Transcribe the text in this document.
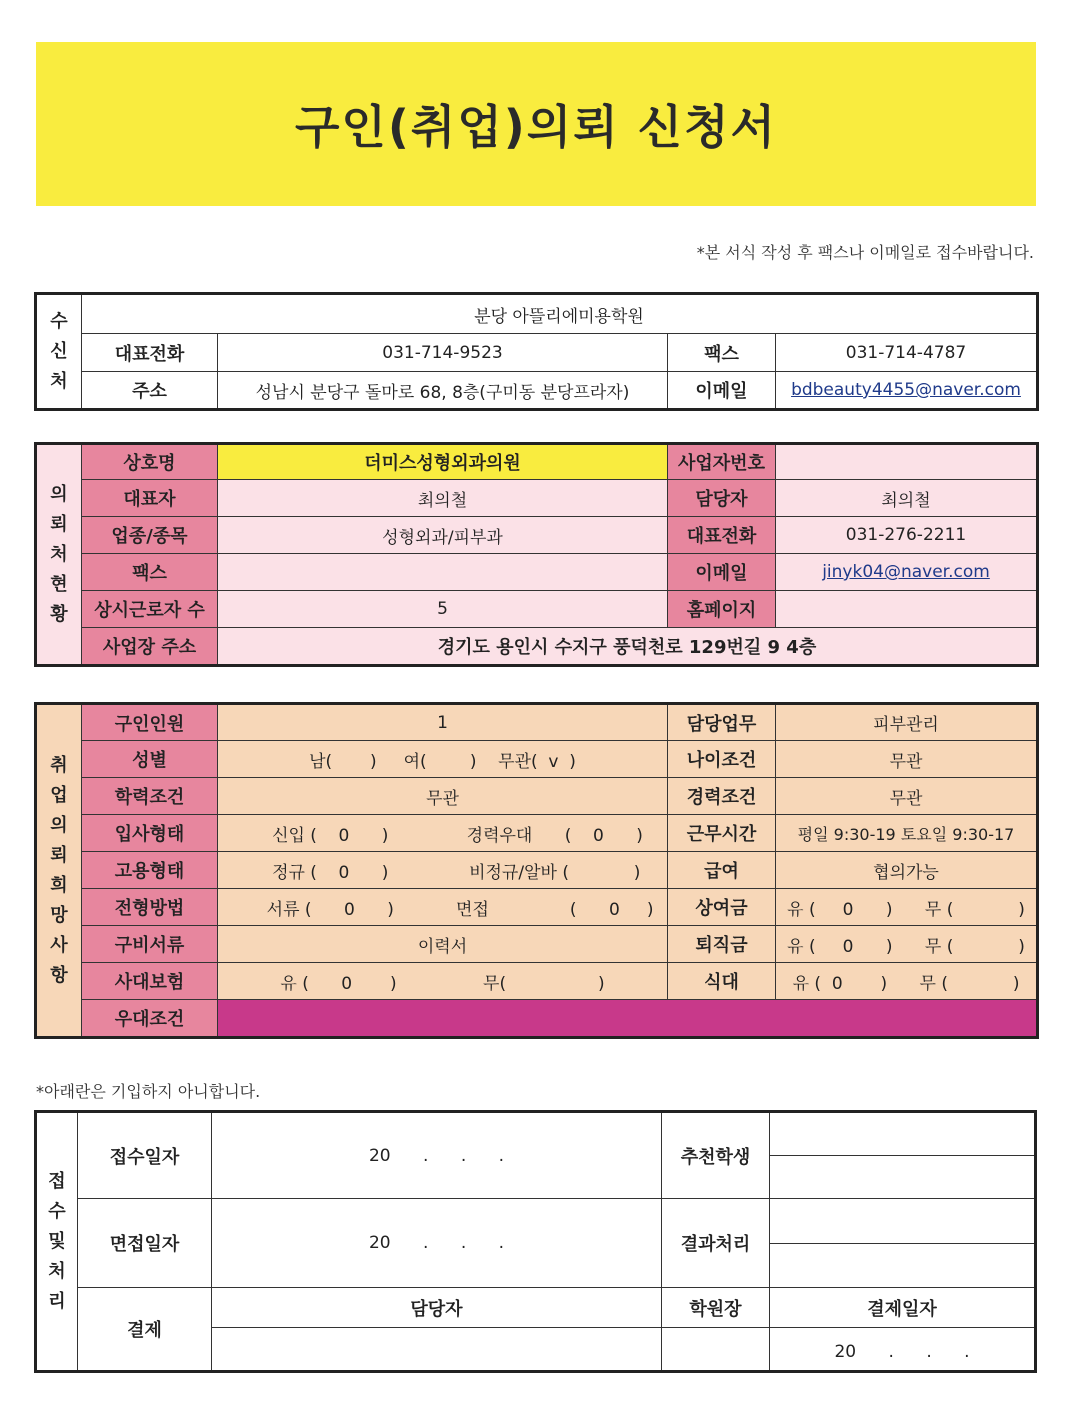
구인(취업)의뢰 신청서
*본 서식 작성 후 팩스나 이메일로 접수바랍니다.
수신처	분당 아뜰리에미용학원			
	대표전화	031-714-9523	팩스	031-714-4787
	주소	성남시 분당구 돌마로 68, 8층(구미동 분당프라자)	이메일	bdbeauty4455@naver.com
의뢰처현황	상호명	더미스성형외과의원	사업자번호	
	대표자	최의철	담당자	최의철
	업종/종목	성형외과/피부과	대표전화	031-276-2211
	팩스		이메일	jinyk04@naver.com
	상시근로자 수	5	홈페이지	
	사업장 주소	경기도 용인시 수지구 풍덕천로 129번길 9 4층		
취업의뢰희망사항	구인인원	1		담당업무	피부관리
	성별	남(       )     여(        )    무관(  v  )		나이조건	무관
	학력조건	무관		경력조건	무관
	입사형태	신입 (    0      )	경력우대      (    0      )	근무시간	평일 9:30-19 토요일 9:30-17
	고용형태	정규 (    0      )	비정규/알바 (            )	급여	협의가능
	전형방법	서류 (      0      )	면접               (      0     )	상여금	유 (     0      )      무 (            )
	구비서류	이력서		퇴직금	유 (     0      )      무 (            )
	사대보험	유 (      0       )                무(                 )		식대	유 (  0       )      무 (            )
	우대조건				
*아래란은 기입하지 아니합니다.
접수및처리	접수일자	20      .      .      .	추천학생	

	면접일자	20      .      .      .	결과처리	

	결제	담당자	학원장	결제일자
				20      .      .      .
